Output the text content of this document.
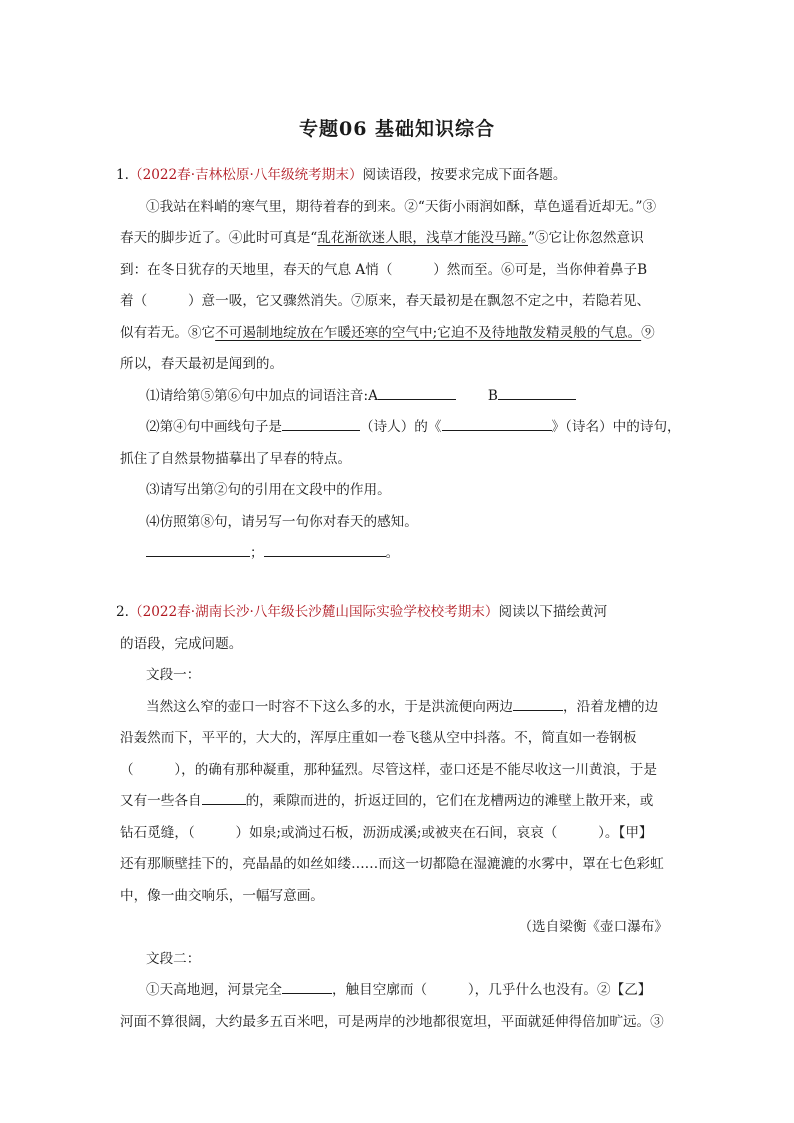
专题06 基础知识综合
1.（2022春·吉林松原·八年级统考期末）阅读语段，按要求完成下面各题。
①我站在料峭的寒气里，期待着春的到来。②“天街小雨润如酥，草色遥看近却无。”③
春天的脚步近了。④此时可真是“乱花渐欲迷人眼，浅草才能没马蹄。”⑤它让你忽然意识
到：在冬日犹存的天地里，春天的气息 A悄（　　　）然而至。⑥可是，当你伸着鼻子B
着（　　　）意一吸，它又骤然消失。⑦原来，春天最初是在飘忽不定之中，若隐若见、
似有若无。⑧它不可遏制地绽放在乍暖还寒的空气中;它迫不及待地散发精灵般的气息。⑨
所以，春天最初是闻到的。
⑴请给第⑤第⑥句中加点的词语注音:A	B
⑵第④句中画线句子是	（诗人）的《	》（诗名）中的诗句，
抓住了自然景物描摹出了早春的特点。
⑶请写出第②句的引用在文段中的作用。
⑷仿照第⑧句，请另写一句你对春天的感知。
；	。
2.（2022春·湖南长沙·八年级长沙麓山国际实验学校校考期末）阅读以下描绘黄河
的语段，完成问题。
文段一：
当然这么窄的壶口一时容不下这么多的水，于是洪流便向两边	，沿着龙槽的边
沿轰然而下，平平的，大大的，浑厚庄重如一卷飞毯从空中抖落。不，简直如一卷钢板
（　　　），的确有那种凝重，那种猛烈。尽管这样，壶口还是不能尽收这一川黄浪，于是
又有一些各自	的，乘隙而进的，折返迂回的，它们在龙槽两边的滩壁上散开来，或
钻石觅缝，（　　　）如泉;或淌过石板，沥沥成溪;或被夹在石间，哀哀（　　　）。【甲】
还有那顺壁挂下的，亮晶晶的如丝如缕……而这一切都隐在湿漉漉的水雾中，罩在七色彩虹
中，像一曲交响乐，一幅写意画。
（选自梁衡《壶口瀑布》
文段二：
①天高地迥，河景完全	，触目空廓而（　　　），几乎什么也没有。②【乙】
河面不算很阔，大约最多五百米吧，可是两岸的沙地都很宽坦，平面就延伸得倍加旷远。③
